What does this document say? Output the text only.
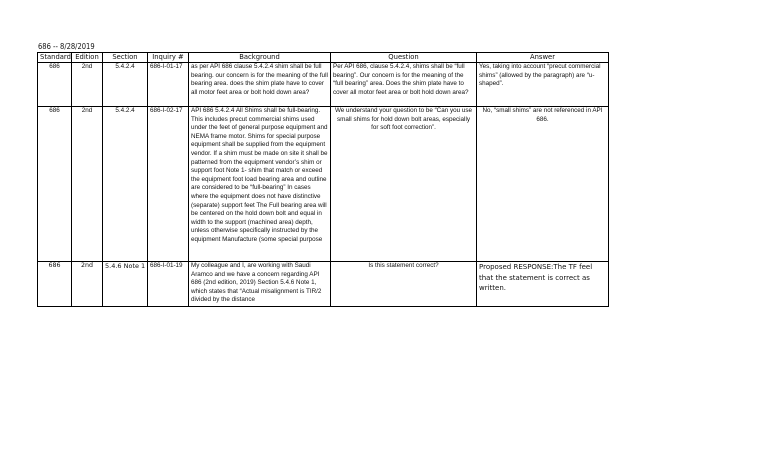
686 -- 8/28/2019
Standard	Edition	Section	Inquiry #	Background	Question	Answer
686	2nd	5.4.2.4	686-I-01-17	as per API 686 clause 5.4.2.4 shim shall be full bearing. our concern is for the meaning of the full bearing area. does the shim plate have to cover all motor feet area or bolt hold down area?	Per API 686, clause 5.4.2.4, shims shall be “full bearing”. Our concern is for the meaning of the “full bearing” area. Does the shim plate have to cover all motor feet area or bolt hold down area?	Yes, taking into account “precut commercial shims” (allowed by the paragraph) are “u-shaped”.

686	2nd	5.4.2.4	686-I-02-17	API 686 5.4.2.4 All Shims shall be full-bearing. This includes precut commercial shims used under the feet of general purpose equipment and NEMA frame motor. Shims for special purpose equipment shall be supplied from the equipment vendor. If a shim must be made on site it shall be patterned from the equipment vendor’s shim or support foot Note 1- shim that match or exceed the equipment foot load bearing area and outline are considered to be “full-bearing” In cases where the equipment does not have distinctive (separate) support feet The Full bearing area will be centered on the hold down bolt and equal in width to the support (machined area) depth, unless otherwise specifically instructed by the equipment Manufacture (some special purpose	We understand your question to be “Can you use small shims for hold down bolt areas, especially for soft foot correction”.	No, “small shims” are not referenced in API 686.

686	2nd	5.4.6 Note 1	686-I-01-19	My colleague and I, are working with Saudi Aramco and we have a concern regarding API 686 (2nd edition, 2019) Section 5.4.6 Note 1, which states that “Actual misalignment is TIR/2 divided by the distance	Is this statement correct?	Proposed RESPONSE:The TF feel that the statement is correct as written.
